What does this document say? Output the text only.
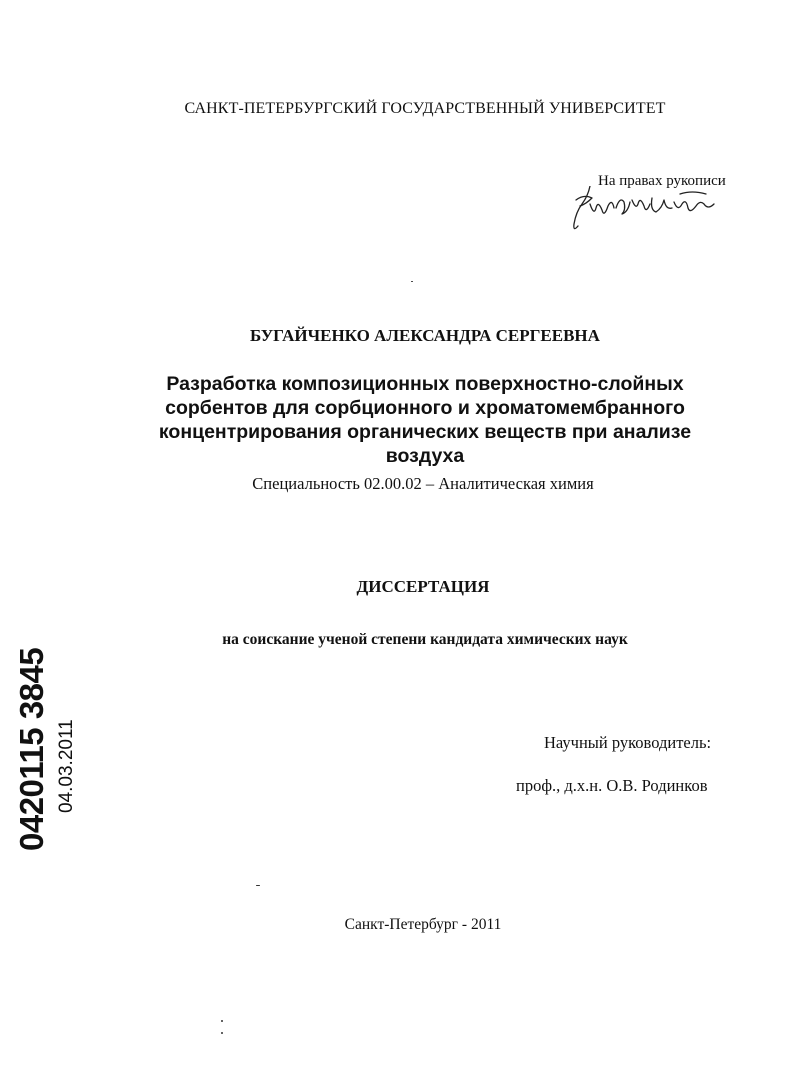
САНКТ-ПЕТЕРБУРГСКИЙ ГОСУДАРСТВЕННЫЙ УНИВЕРСИТЕТ
На правах рукописи
БУГАЙЧЕНКО АЛЕКСАНДРА СЕРГЕЕВНА
Разработка композиционных поверхностно-слойных
сорбентов для сорбционного и хроматомембранного
концентрирования органических веществ при анализе
воздуха
Специальность 02.00.02 – Аналитическая химия
ДИССЕРТАЦИЯ
на соискание ученой степени кандидата химических наук
Научный руководитель:
проф., д.х.н. О.В. Родинков
Санкт-Петербург - 2011
0420115 3845 04.03.2011
